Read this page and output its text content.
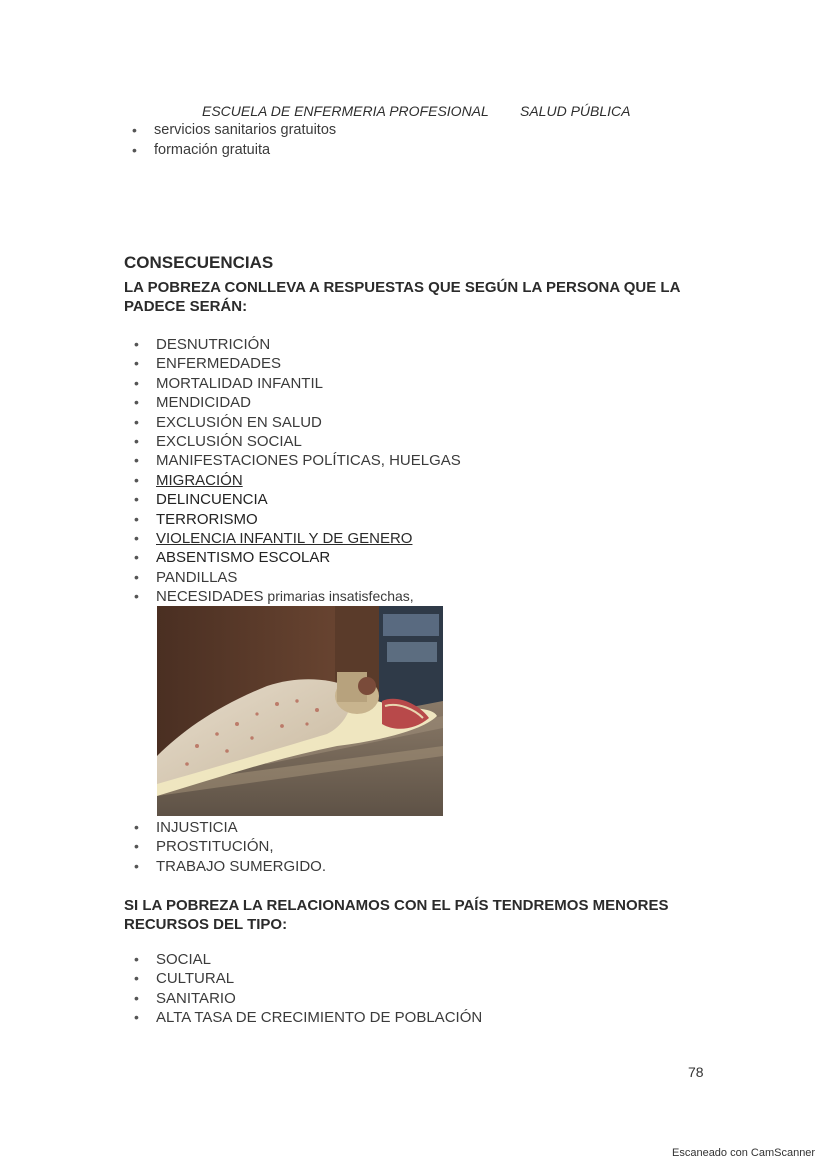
ESCUELA DE ENFERMERIA PROFESIONAL SALUD PÚBLICA
• servicios sanitarios gratuitos
• formación gratuita
CONSECUENCIAS
LA POBREZA CONLLEVA A RESPUESTAS QUE SEGÚN LA PERSONA QUE LA PADECE SERÁN:
• DESNUTRICIÓN
• ENFERMEDADES
• MORTALIDAD INFANTIL
• MENDICIDAD
• EXCLUSIÓN EN SALUD
• EXCLUSIÓN SOCIAL
• MANIFESTACIONES POLÍTICAS, HUELGAS
• MIGRACIÓN
• DELINCUENCIA
• TERRORISMO
• VIOLENCIA INFANTIL Y DE GENERO
• ABSENTISMO ESCOLAR
• PANDILLAS
• NECESIDADES primarias insatisfechas,
• INJUSTICIA
• PROSTITUCIÓN,
• TRABAJO SUMERGIDO.
SI LA POBREZA LA RELACIONAMOS CON EL PAÍS TENDREMOS MENORES RECURSOS DEL TIPO:
• SOCIAL
• CULTURAL
• SANITARIO
• ALTA TASA DE CRECIMIENTO DE POBLACIÓN
78
Escaneado con CamScanner
